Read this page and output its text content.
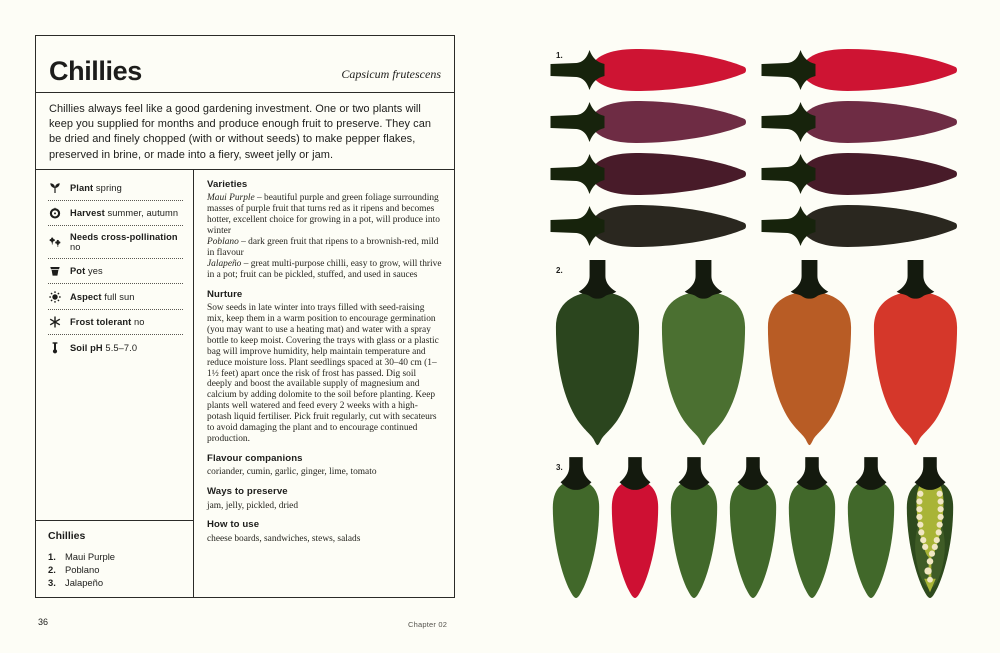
Chillies	Capsicum frutescens
Chillies always feel like a good gardening investment. One or two plants will keep you supplied for months and produce enough fruit to preserve. They can be dried and finely chopped (with or without seeds) to make pepper flakes, preserved in brine, or made into a fiery, sweet jelly or jam.
Plant spring
Harvest summer, autumn
Needs cross-pollination no
Pot yes
Aspect full sun
Frost tolerant no
Soil pH 5.5–7.0
Chillies
1. Maui Purple
2. Poblano
3. Jalapeño
Varieties

Maui Purple – beautiful purple and green foliage surrounding masses of purple fruit that turns red as it ripens and becomes hotter, excellent choice for growing in a pot, will produce into winter

Poblano – dark green fruit that ripens to a brownish-red, mild in flavour

Jalapeño – great multi-purpose chilli, easy to grow, will thrive in a pot; fruit can be pickled, stuffed, and used in sauces

Nurture

Sow seeds in late winter into trays filled with seed-raising mix, keep them in a warm position to encourage germination (you may want to use a heating mat) and water with a spray bottle to keep moist. Covering the trays with glass or a plastic bag will improve humidity, help maintain temperature and reduce moisture loss. Plant seedlings spaced at 30–40 cm (1–1½ feet) apart once the risk of frost has passed. Dig soil deeply and boost the available supply of magnesium and calcium by adding dolomite to the soil before planting. Keep plants well watered and feed every 2 weeks with a high-potash liquid fertiliser. Pick fruit regularly, cut with secateurs to avoid damaging the plant and to encourage continued production.

Flavour companions

coriander, cumin, garlic, ginger, lime, tomato

Ways to preserve

jam, jelly, pickled, dried

How to use

cheese boards, sandwiches, stews, salads

36	Chapter 02
1.
2.
3.
